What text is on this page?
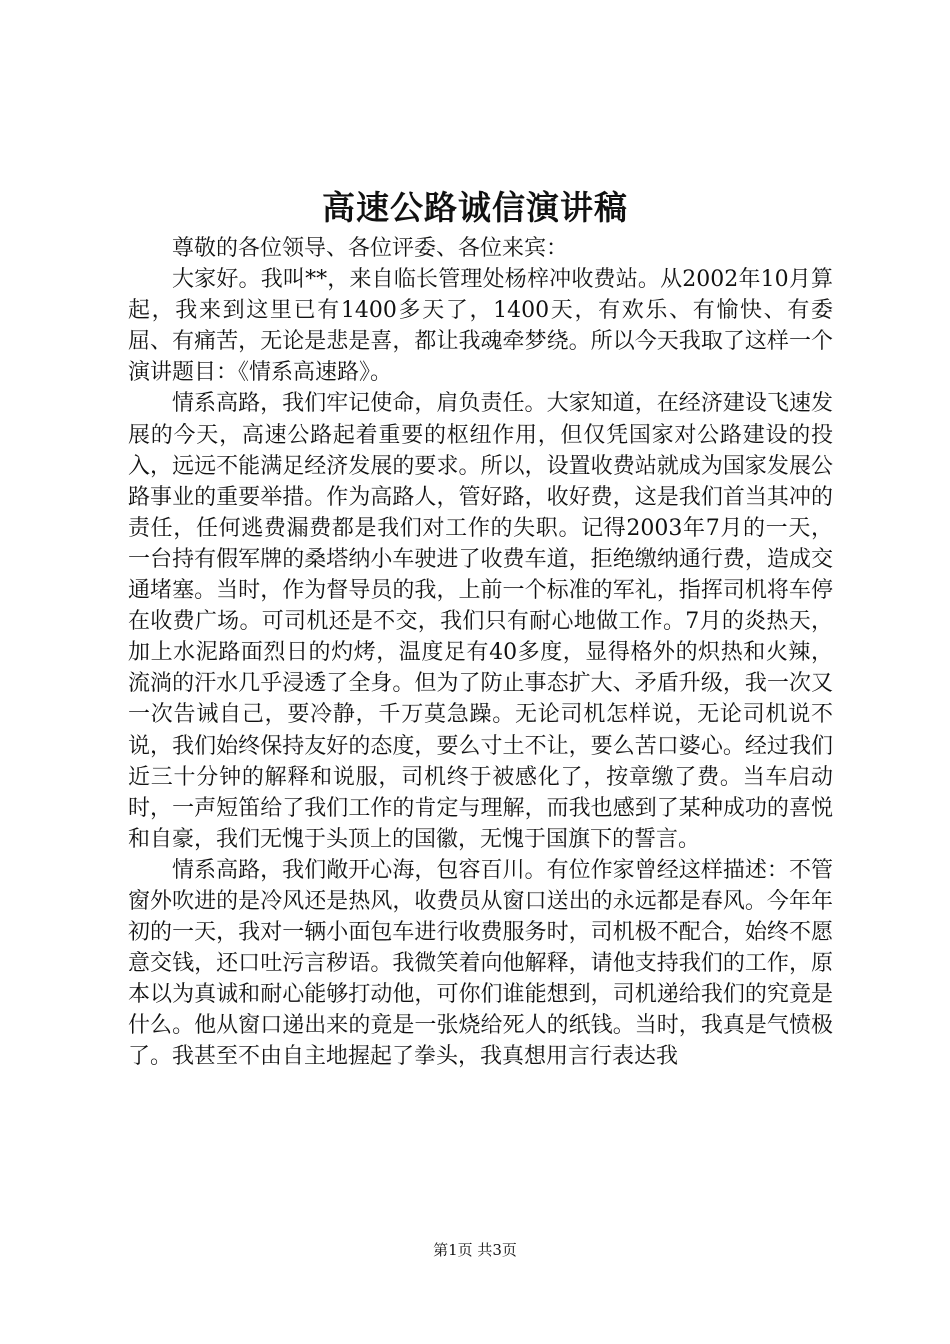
高速公路诚信演讲稿

尊敬的各位领导、各位评委、各位来宾：

大家好。我叫**，来自临长管理处杨梓冲收费站。从2002年10月算起，我来到这里已有1400多天了，1400天，有欢乐、有愉快、有委屈、有痛苦，无论是悲是喜，都让我魂牵梦绕。所以今天我取了这样一个演讲题目：《情系高速路》。

情系高路，我们牢记使命，肩负责任。大家知道，在经济建设飞速发展的今天，高速公路起着重要的枢纽作用，但仅凭国家对公路建设的投入，远远不能满足经济发展的要求。所以，设置收费站就成为国家发展公路事业的重要举措。作为高路人，管好路，收好费，这是我们首当其冲的责任，任何逃费漏费都是我们对工作的失职。记得2003年7月的一天，一台持有假军牌的桑塔纳小车驶进了收费车道，拒绝缴纳通行费，造成交通堵塞。当时，作为督导员的我，上前一个标准的军礼，指挥司机将车停在收费广场。可司机还是不交，我们只有耐心地做工作。7月的炎热天，加上水泥路面烈日的灼烤，温度足有40多度，显得格外的炽热和火辣，流淌的汗水几乎浸透了全身。但为了防止事态扩大、矛盾升级，我一次又一次告诫自己，要冷静，千万莫急躁。无论司机怎样说，无论司机说不说，我们始终保持友好的态度，要么寸土不让，要么苦口婆心。经过我们近三十分钟的解释和说服，司机终于被感化了，按章缴了费。当车启动时，一声短笛给了我们工作的肯定与理解，而我也感到了某种成功的喜悦和自豪，我们无愧于头顶上的国徽，无愧于国旗下的誓言。

情系高路，我们敞开心海，包容百川。有位作家曾经这样描述：不管窗外吹进的是冷风还是热风，收费员从窗口送出的永远都是春风。今年年初的一天，我对一辆小面包车进行收费服务时，司机极不配合，始终不愿意交钱，还口吐污言秽语。我微笑着向他解释，请他支持我们的工作，原本以为真诚和耐心能够打动他，可你们谁能想到，司机递给我们的究竟是什么。他从窗口递出来的竟是一张烧给死人的纸钱。当时，我真是气愤极了。我甚至不由自主地握起了拳头，我真想用言行表达我

第1页 共3页
